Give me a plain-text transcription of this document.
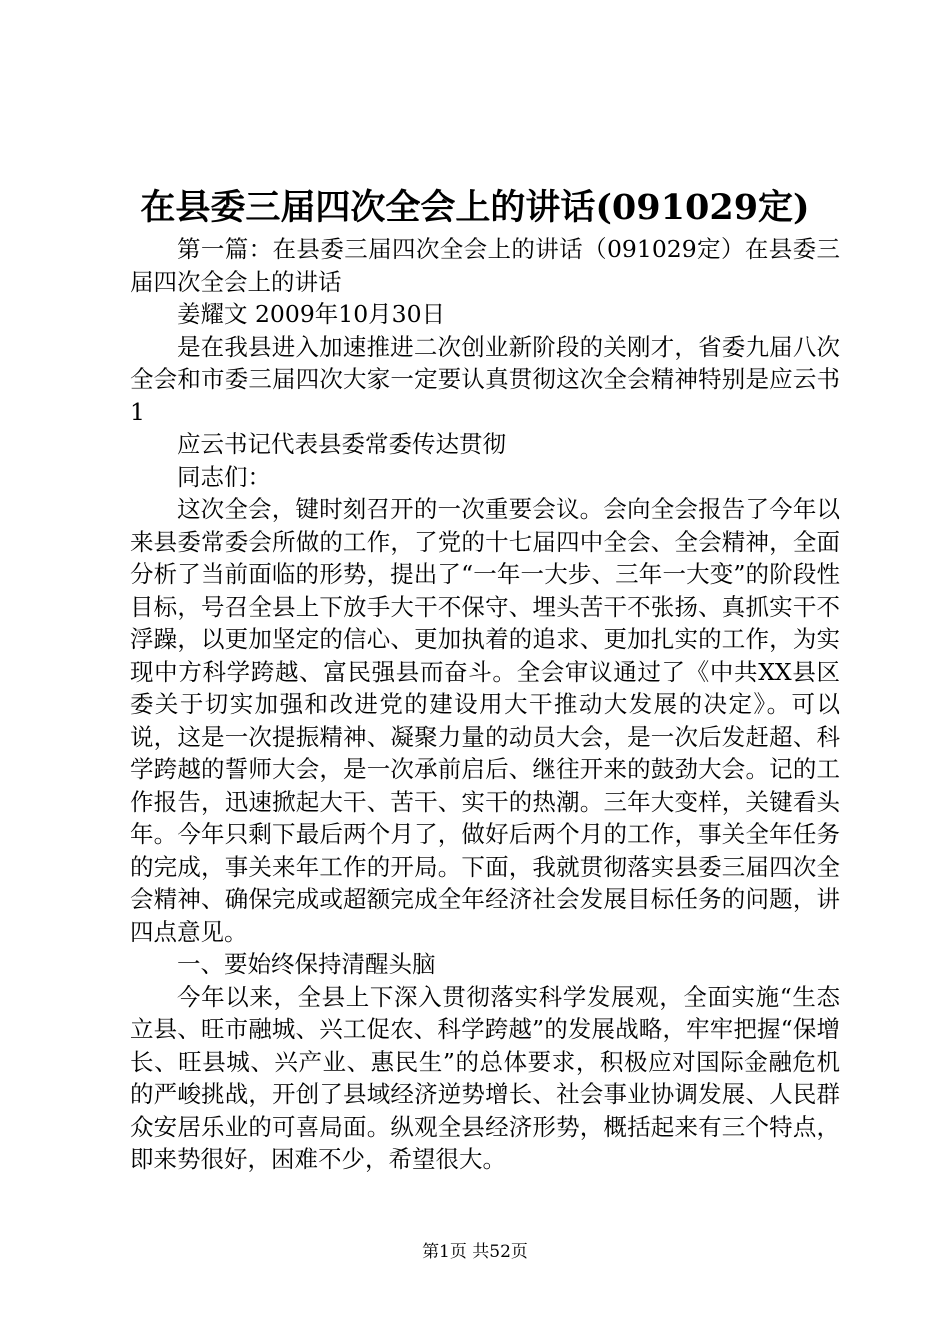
在县委三届四次全会上的讲话(091029定)

第一篇：在县委三届四次全会上的讲话（091029定）在县委三届四次全会上的讲话

姜耀文 2009年10月30日

是在我县进入加速推进二次创业新阶段的关刚才，省委九届八次全会和市委三届四次大家一定要认真贯彻这次全会精神特别是应云书1

应云书记代表县委常委传达贯彻

同志们：

这次全会，键时刻召开的一次重要会议。会向全会报告了今年以来县委常委会所做的工作，了党的十七届四中全会、全会精神，全面分析了当前面临的形势，提出了“一年一大步、三年一大变”的阶段性目标，号召全县上下放手大干不保守、埋头苦干不张扬、真抓实干不浮躁，以更加坚定的信心、更加执着的追求、更加扎实的工作，为实现中方科学跨越、富民强县而奋斗。全会审议通过了《中共XX县区委关于切实加强和改进党的建设用大干推动大发展的决定》。可以说，这是一次提振精神、凝聚力量的动员大会，是一次后发赶超、科学跨越的誓师大会，是一次承前启后、继往开来的鼓劲大会。记的工作报告，迅速掀起大干、苦干、实干的热潮。三年大变样，关键看头年。今年只剩下最后两个月了，做好后两个月的工作，事关全年任务的完成，事关来年工作的开局。下面，我就贯彻落实县委三届四次全会精神、确保完成或超额完成全年经济社会发展目标任务的问题，讲四点意见。

一、要始终保持清醒头脑

今年以来，全县上下深入贯彻落实科学发展观，全面实施“生态立县、旺市融城、兴工促农、科学跨越”的发展战略，牢牢把握“保增长、旺县城、兴产业、惠民生”的总体要求，积极应对国际金融危机的严峻挑战，开创了县域经济逆势增长、社会事业协调发展、人民群众安居乐业的可喜局面。纵观全县经济形势，概括起来有三个特点，即来势很好，困难不少，希望很大。

第1页 共52页
